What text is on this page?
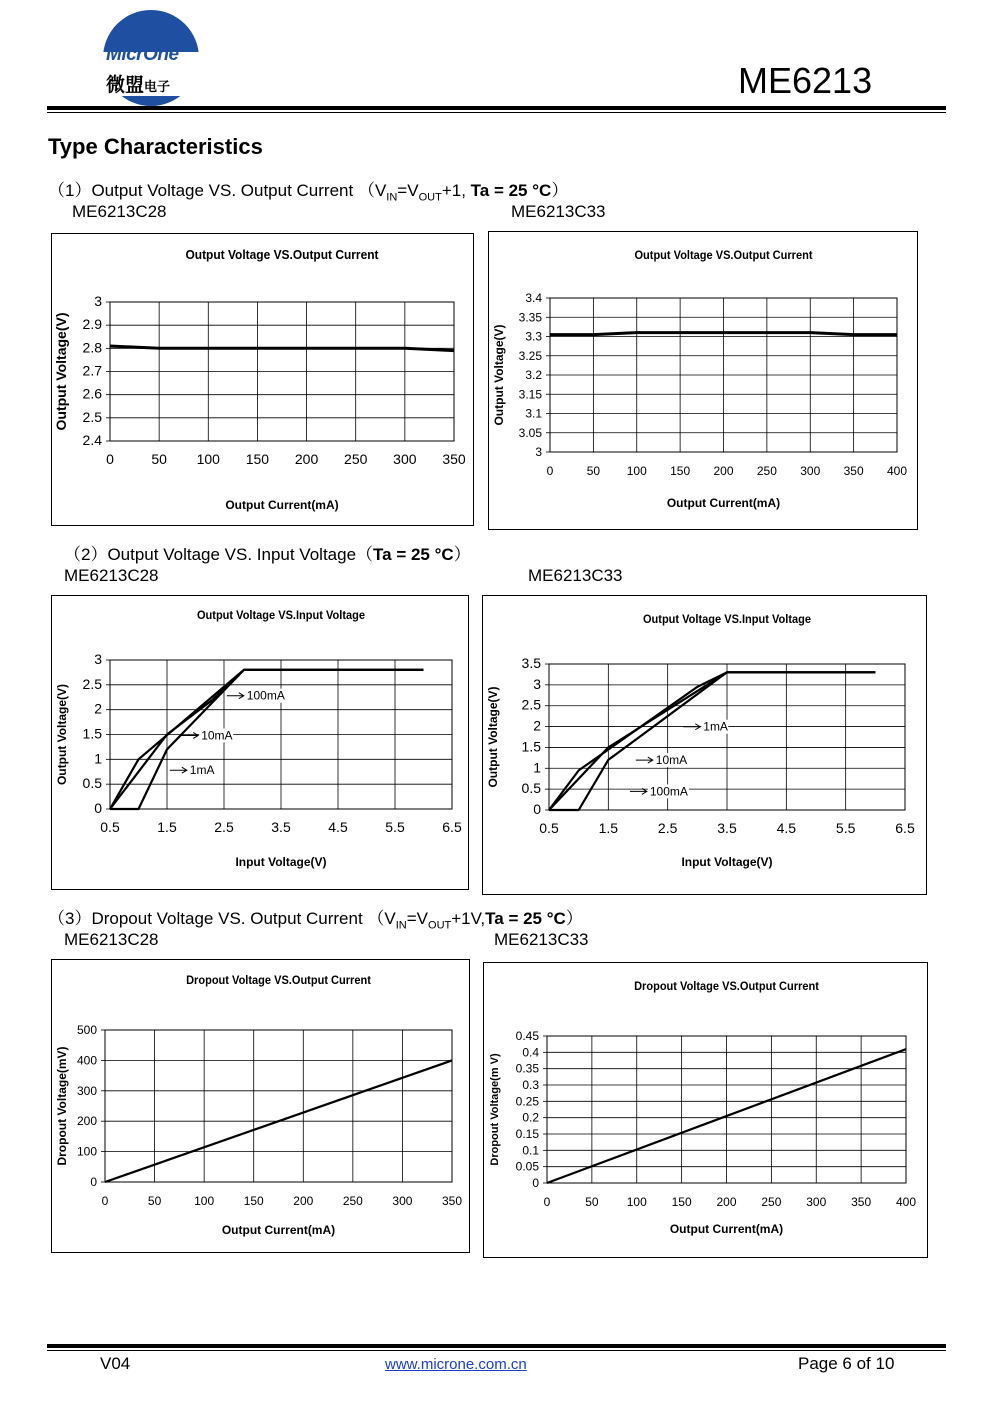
MicrOne
微盟电子	ME6213
Type Characteristics
（1）Output Voltage VS. Output Current （$V_{IN}=V_{OUT}+1$, Ta = 25 °C）
ME6213C28	ME6213C33
（2）Output Voltage VS. Input Voltage（Ta = 25 °C）
ME6213C28	ME6213C33
（3）Dropout Voltage VS. Output Current （$V_{IN}=V_{OUT}+1V,Ta = 25$ °C）
ME6213C28	ME6213C33
Output Voltage VS.Output Current
0	50 100 150 200 250 300 350
2.4
2.5
2.6
2.7
2.8
2.9
3
Output Current(mA)
Output Voltage(V)
Output Voltage VS.Output Current
0	50 100 150 200 250 300 350 400
3
3.05
3.1
3.15
3.2
3.25
3.3
3.35
3.4
Output Current(mA)
Output Voltage(V)
Output Voltage VS.Input Voltage
0.5	1.5	2.5	3.5	4.5	5.5	6.5
0
0.5
1
1.5
2
2.5
3
Input Voltage(V)
Output Voltage(V)	100mA
10mA
1mA
Output Voltage VS.Input Voltage
0.5	1.5	2.5	3.5	4.5	5.5	6.5
0
0.5
1
1.5
2
2.5
3
3.5
Input Voltage(V)
Output Voltage(V)	1mA
10mA
100mA
Dropout Voltage VS.Output Current
0	50	100 150 200 250 300 350
0
100
200
300
400
500
Output Current(mA)
Dropout Voltage(mV)
Dropout Voltage VS.Output Current
0	50 100 150 200 250 300 350 400
0
0.05
0.1
0.15
0.2
0.25
0.3
0.35
0.4
0.45
Output Current(mA)
Dropout Voltage(m V)
V04	www.microne.com.cn	Page 6 of 10
